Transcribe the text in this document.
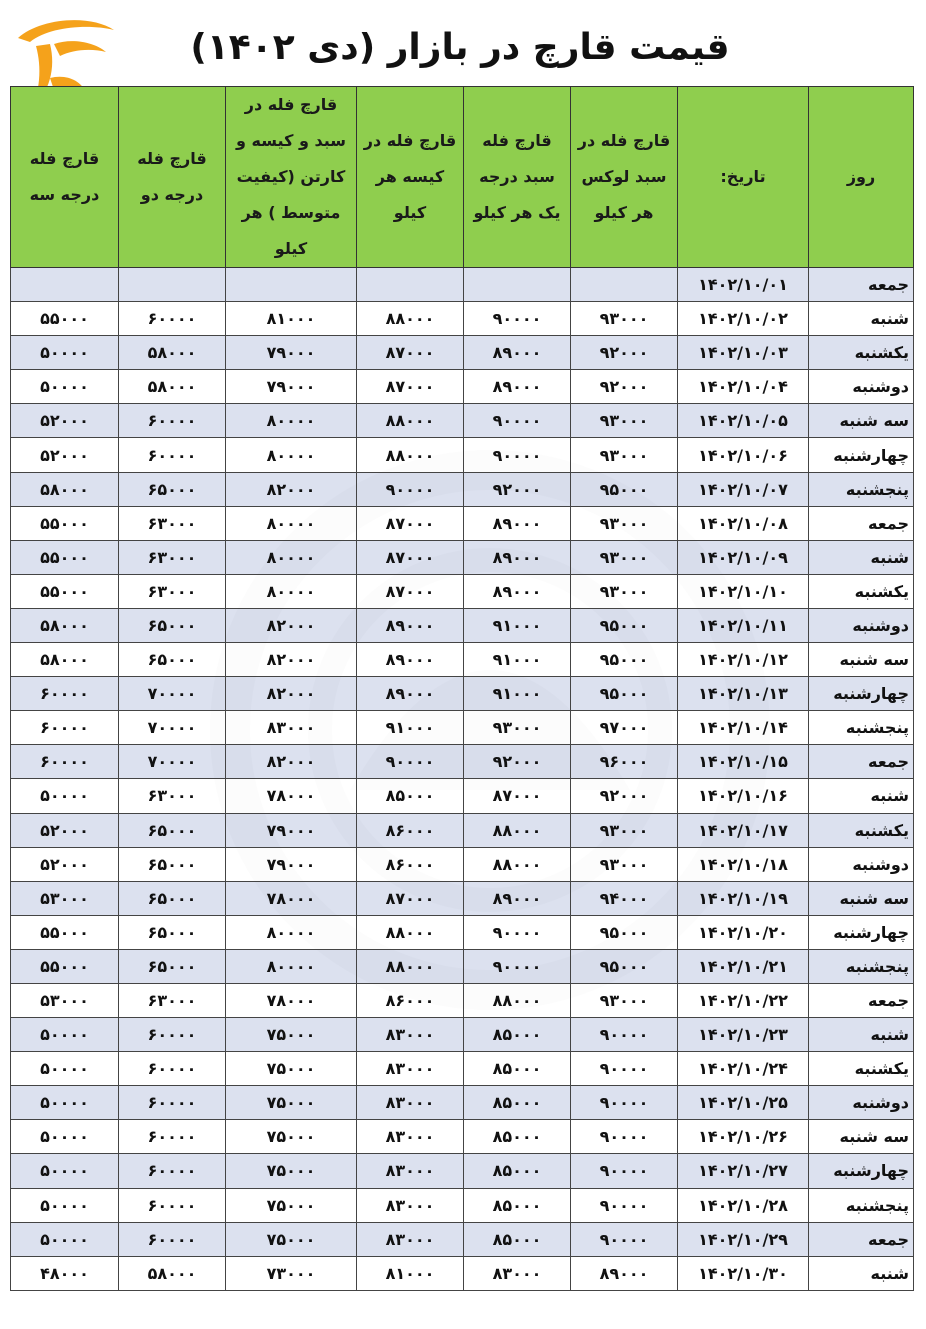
قیمت قارچ در بازار (دی ۱۴۰۲)
روز	تاریخ:	قارچ فله در سبد لوکس هر کیلو	قارچ فله سبد درجه یک هر کیلو	قارچ فله در کیسه هر کیلو	قارچ فله در سبد و کیسه و کارتن (کیفیت متوسط ) هر کیلو	قارچ فله درجه دو	قارچ فله درجه سه
جمعه	۱۴۰۲/۱۰/۰۱						
شنبه	۱۴۰۲/۱۰/۰۲	۹۳۰۰۰	۹۰۰۰۰	۸۸۰۰۰	۸۱۰۰۰	۶۰۰۰۰	۵۵۰۰۰
یکشنبه	۱۴۰۲/۱۰/۰۳	۹۲۰۰۰	۸۹۰۰۰	۸۷۰۰۰	۷۹۰۰۰	۵۸۰۰۰	۵۰۰۰۰
دوشنبه	۱۴۰۲/۱۰/۰۴	۹۲۰۰۰	۸۹۰۰۰	۸۷۰۰۰	۷۹۰۰۰	۵۸۰۰۰	۵۰۰۰۰
سه شنبه	۱۴۰۲/۱۰/۰۵	۹۳۰۰۰	۹۰۰۰۰	۸۸۰۰۰	۸۰۰۰۰	۶۰۰۰۰	۵۲۰۰۰
چهارشنبه	۱۴۰۲/۱۰/۰۶	۹۳۰۰۰	۹۰۰۰۰	۸۸۰۰۰	۸۰۰۰۰	۶۰۰۰۰	۵۲۰۰۰
پنجشنبه	۱۴۰۲/۱۰/۰۷	۹۵۰۰۰	۹۲۰۰۰	۹۰۰۰۰	۸۲۰۰۰	۶۵۰۰۰	۵۸۰۰۰
جمعه	۱۴۰۲/۱۰/۰۸	۹۳۰۰۰	۸۹۰۰۰	۸۷۰۰۰	۸۰۰۰۰	۶۳۰۰۰	۵۵۰۰۰
شنبه	۱۴۰۲/۱۰/۰۹	۹۳۰۰۰	۸۹۰۰۰	۸۷۰۰۰	۸۰۰۰۰	۶۳۰۰۰	۵۵۰۰۰
یکشنبه	۱۴۰۲/۱۰/۱۰	۹۳۰۰۰	۸۹۰۰۰	۸۷۰۰۰	۸۰۰۰۰	۶۳۰۰۰	۵۵۰۰۰
دوشنبه	۱۴۰۲/۱۰/۱۱	۹۵۰۰۰	۹۱۰۰۰	۸۹۰۰۰	۸۲۰۰۰	۶۵۰۰۰	۵۸۰۰۰
سه شنبه	۱۴۰۲/۱۰/۱۲	۹۵۰۰۰	۹۱۰۰۰	۸۹۰۰۰	۸۲۰۰۰	۶۵۰۰۰	۵۸۰۰۰
چهارشنبه	۱۴۰۲/۱۰/۱۳	۹۵۰۰۰	۹۱۰۰۰	۸۹۰۰۰	۸۲۰۰۰	۷۰۰۰۰	۶۰۰۰۰
پنجشنبه	۱۴۰۲/۱۰/۱۴	۹۷۰۰۰	۹۳۰۰۰	۹۱۰۰۰	۸۳۰۰۰	۷۰۰۰۰	۶۰۰۰۰
جمعه	۱۴۰۲/۱۰/۱۵	۹۶۰۰۰	۹۲۰۰۰	۹۰۰۰۰	۸۲۰۰۰	۷۰۰۰۰	۶۰۰۰۰
شنبه	۱۴۰۲/۱۰/۱۶	۹۲۰۰۰	۸۷۰۰۰	۸۵۰۰۰	۷۸۰۰۰	۶۳۰۰۰	۵۰۰۰۰
یکشنبه	۱۴۰۲/۱۰/۱۷	۹۳۰۰۰	۸۸۰۰۰	۸۶۰۰۰	۷۹۰۰۰	۶۵۰۰۰	۵۲۰۰۰
دوشنبه	۱۴۰۲/۱۰/۱۸	۹۳۰۰۰	۸۸۰۰۰	۸۶۰۰۰	۷۹۰۰۰	۶۵۰۰۰	۵۲۰۰۰
سه شنبه	۱۴۰۲/۱۰/۱۹	۹۴۰۰۰	۸۹۰۰۰	۸۷۰۰۰	۷۸۰۰۰	۶۵۰۰۰	۵۳۰۰۰
چهارشنبه	۱۴۰۲/۱۰/۲۰	۹۵۰۰۰	۹۰۰۰۰	۸۸۰۰۰	۸۰۰۰۰	۶۵۰۰۰	۵۵۰۰۰
پنجشنبه	۱۴۰۲/۱۰/۲۱	۹۵۰۰۰	۹۰۰۰۰	۸۸۰۰۰	۸۰۰۰۰	۶۵۰۰۰	۵۵۰۰۰
جمعه	۱۴۰۲/۱۰/۲۲	۹۳۰۰۰	۸۸۰۰۰	۸۶۰۰۰	۷۸۰۰۰	۶۳۰۰۰	۵۳۰۰۰
شنبه	۱۴۰۲/۱۰/۲۳	۹۰۰۰۰	۸۵۰۰۰	۸۳۰۰۰	۷۵۰۰۰	۶۰۰۰۰	۵۰۰۰۰
یکشنبه	۱۴۰۲/۱۰/۲۴	۹۰۰۰۰	۸۵۰۰۰	۸۳۰۰۰	۷۵۰۰۰	۶۰۰۰۰	۵۰۰۰۰
دوشنبه	۱۴۰۲/۱۰/۲۵	۹۰۰۰۰	۸۵۰۰۰	۸۳۰۰۰	۷۵۰۰۰	۶۰۰۰۰	۵۰۰۰۰
سه شنبه	۱۴۰۲/۱۰/۲۶	۹۰۰۰۰	۸۵۰۰۰	۸۳۰۰۰	۷۵۰۰۰	۶۰۰۰۰	۵۰۰۰۰
چهارشنبه	۱۴۰۲/۱۰/۲۷	۹۰۰۰۰	۸۵۰۰۰	۸۳۰۰۰	۷۵۰۰۰	۶۰۰۰۰	۵۰۰۰۰
پنجشنبه	۱۴۰۲/۱۰/۲۸	۹۰۰۰۰	۸۵۰۰۰	۸۳۰۰۰	۷۵۰۰۰	۶۰۰۰۰	۵۰۰۰۰
جمعه	۱۴۰۲/۱۰/۲۹	۹۰۰۰۰	۸۵۰۰۰	۸۳۰۰۰	۷۵۰۰۰	۶۰۰۰۰	۵۰۰۰۰
شنبه	۱۴۰۲/۱۰/۳۰	۸۹۰۰۰	۸۳۰۰۰	۸۱۰۰۰	۷۳۰۰۰	۵۸۰۰۰	۴۸۰۰۰
